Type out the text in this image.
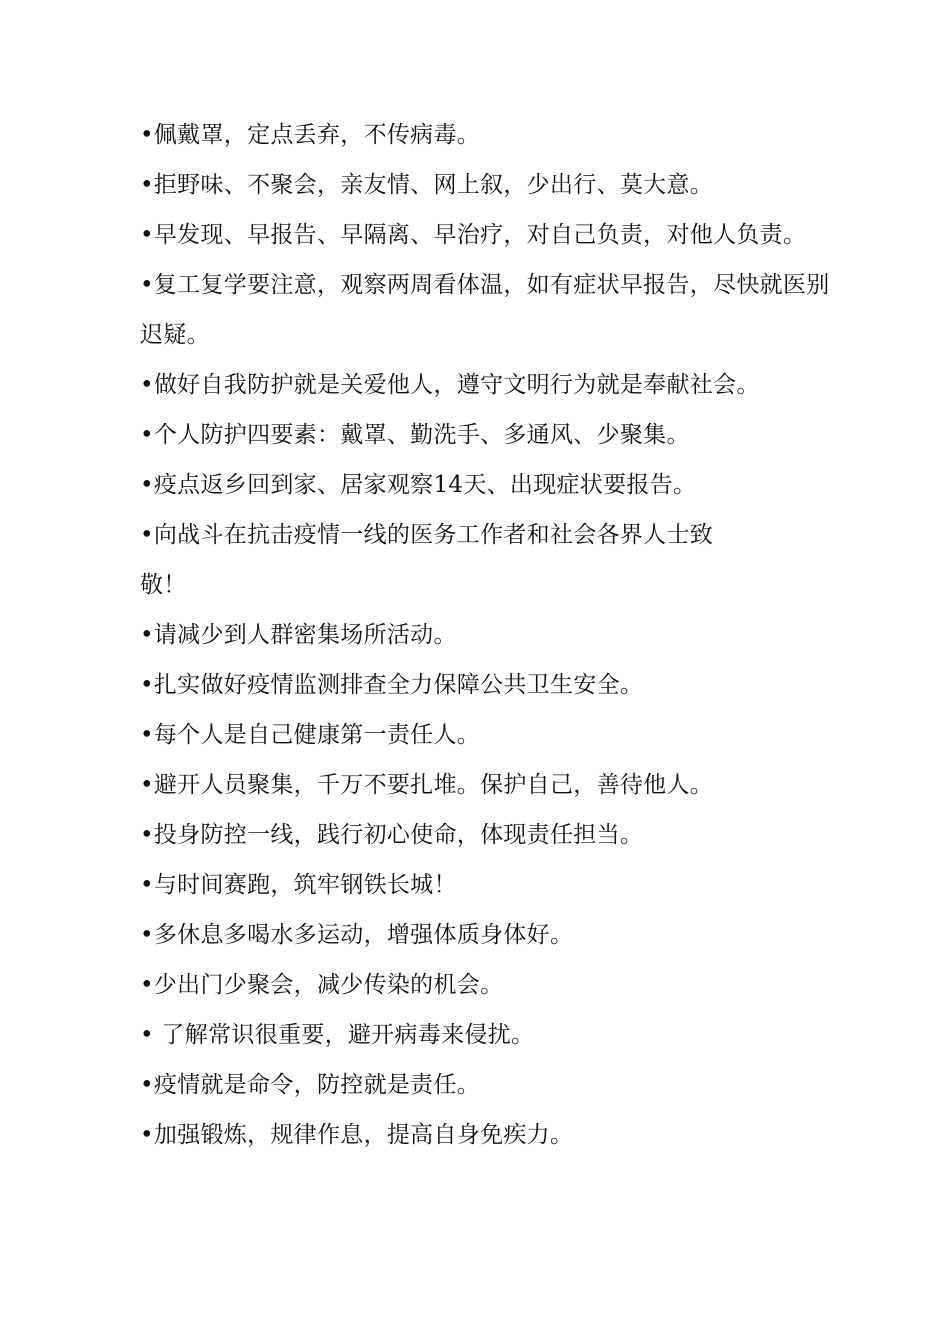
•佩戴罩，定点丢弃，不传病毒。

•拒野味、不聚会，亲友情、网上叙，少出行、莫大意。

•早发现、早报告、早隔离、早治疗，对自己负责，对他人负责。

•复工复学要注意，观察两周看体温，如有症状早报告，尽快就医别迟疑。

•做好自我防护就是关爱他人，遵守文明行为就是奉献社会。

•个人防护四要素：戴罩、勤洗手、多通风、少聚集。

•疫点返乡回到家、居家观察14天、出现症状要报告。

•向战斗在抗击疫情一线的医务工作者和社会各界人士致敬！

•请减少到人群密集场所活动。

•扎实做好疫情监测排查全力保障公共卫生安全。

•每个人是自己健康第一责任人。

•避开人员聚集，千万不要扎堆。保护自己，善待他人。

•投身防控一线，践行初心使命，体现责任担当。

•与时间赛跑，筑牢钢铁长城！

•多休息多喝水多运动，增强体质身体好。

•少出门少聚会，减少传染的机会。

• 了解常识很重要，避开病毒来侵扰。

•疫情就是命令，防控就是责任。

•加强锻炼，规律作息，提高自身免疾力。
